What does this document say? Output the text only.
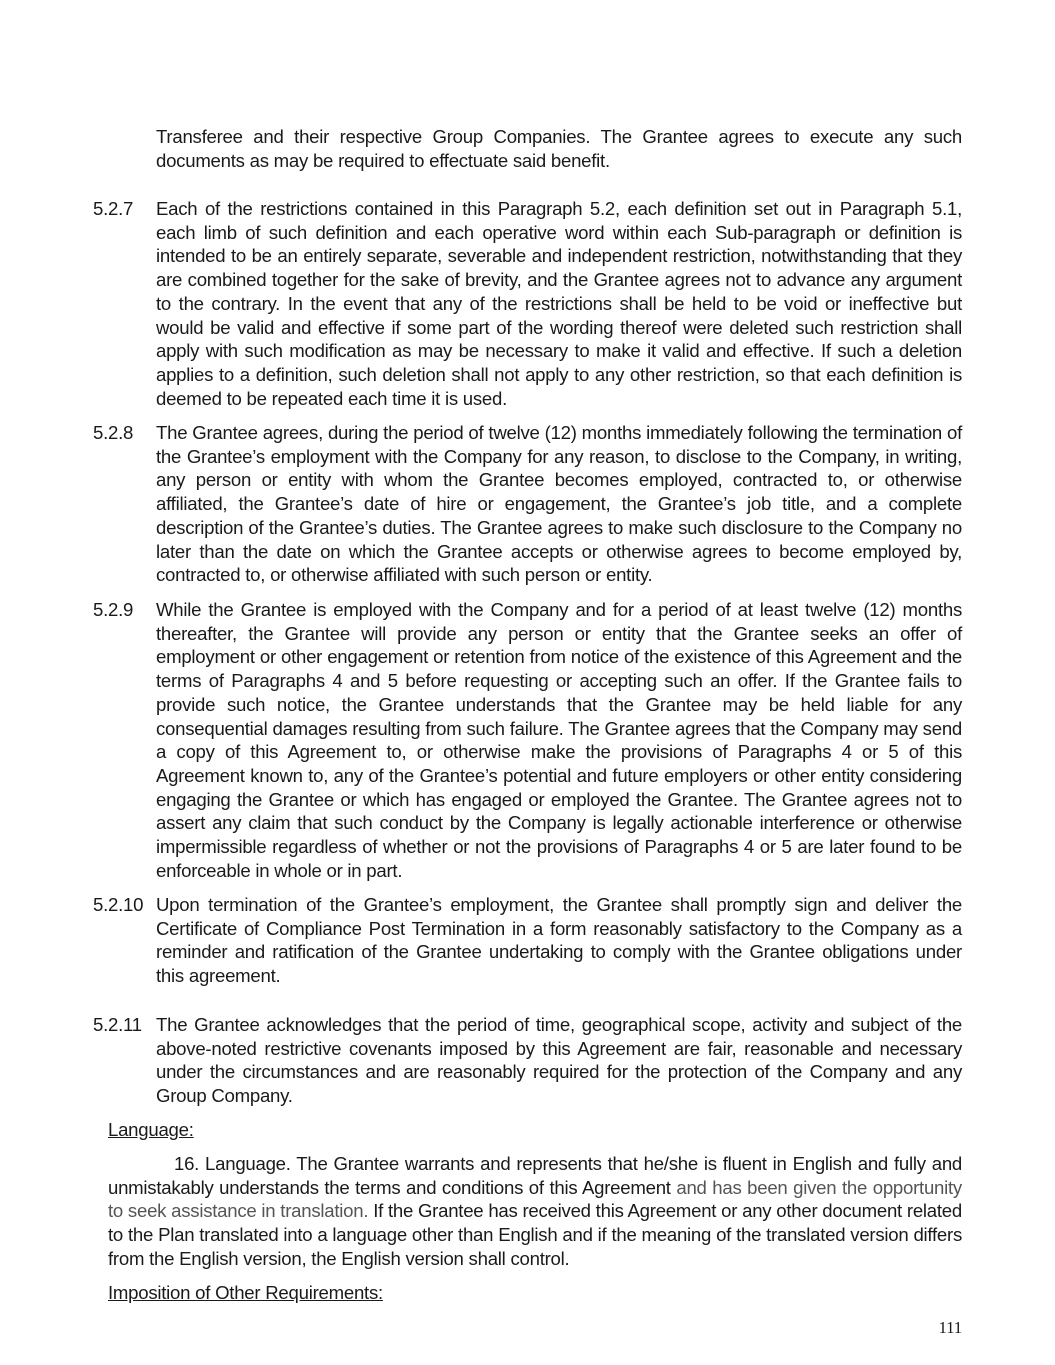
Transferee and their respective Group Companies. The Grantee agrees to execute any such documents as may be required to effectuate said benefit.
5.2.7 Each of the restrictions contained in this Paragraph 5.2, each definition set out in Paragraph 5.1, each limb of such definition and each operative word within each Sub-paragraph or definition is intended to be an entirely separate, severable and independent restriction, notwithstanding that they are combined together for the sake of brevity, and the Grantee agrees not to advance any argument to the contrary. In the event that any of the restrictions shall be held to be void or ineffective but would be valid and effective if some part of the wording thereof were deleted such restriction shall apply with such modification as may be necessary to make it valid and effective. If such a deletion applies to a definition, such deletion shall not apply to any other restriction, so that each definition is deemed to be repeated each time it is used.
5.2.8 The Grantee agrees, during the period of twelve (12) months immediately following the termination of the Grantee’s employment with the Company for any reason, to disclose to the Company, in writing, any person or entity with whom the Grantee becomes employed, contracted to, or otherwise affiliated, the Grantee’s date of hire or engagement, the Grantee’s job title, and a complete description of the Grantee’s duties. The Grantee agrees to make such disclosure to the Company no later than the date on which the Grantee accepts or otherwise agrees to become employed by, contracted to, or otherwise affiliated with such person or entity.
5.2.9 While the Grantee is employed with the Company and for a period of at least twelve (12) months thereafter, the Grantee will provide any person or entity that the Grantee seeks an offer of employment or other engagement or retention from notice of the existence of this Agreement and the terms of Paragraphs 4 and 5 before requesting or accepting such an offer. If the Grantee fails to provide such notice, the Grantee understands that the Grantee may be held liable for any consequential damages resulting from such failure. The Grantee agrees that the Company may send a copy of this Agreement to, or otherwise make the provisions of Paragraphs 4 or 5 of this Agreement known to, any of the Grantee’s potential and future employers or other entity considering engaging the Grantee or which has engaged or employed the Grantee. The Grantee agrees not to assert any claim that such conduct by the Company is legally actionable interference or otherwise impermissible regardless of whether or not the provisions of Paragraphs 4 or 5 are later found to be enforceable in whole or in part.
5.2.10 Upon termination of the Grantee’s employment, the Grantee shall promptly sign and deliver the Certificate of Compliance Post Termination in a form reasonably satisfactory to the Company as a reminder and ratification of the Grantee undertaking to comply with the Grantee obligations under this agreement.
5.2.11 The Grantee acknowledges that the period of time, geographical scope, activity and subject of the above-noted restrictive covenants imposed by this Agreement are fair, reasonable and necessary under the circumstances and are reasonably required for the protection of the Company and any Group Company.
Language:
16. Language. The Grantee warrants and represents that he/she is fluent in English and fully and unmistakably understands the terms and conditions of this Agreement and has been given the opportunity to seek assistance in translation. If the Grantee has received this Agreement or any other document related to the Plan translated into a language other than English and if the meaning of the translated version differs from the English version, the English version shall control.
Imposition of Other Requirements:
111
